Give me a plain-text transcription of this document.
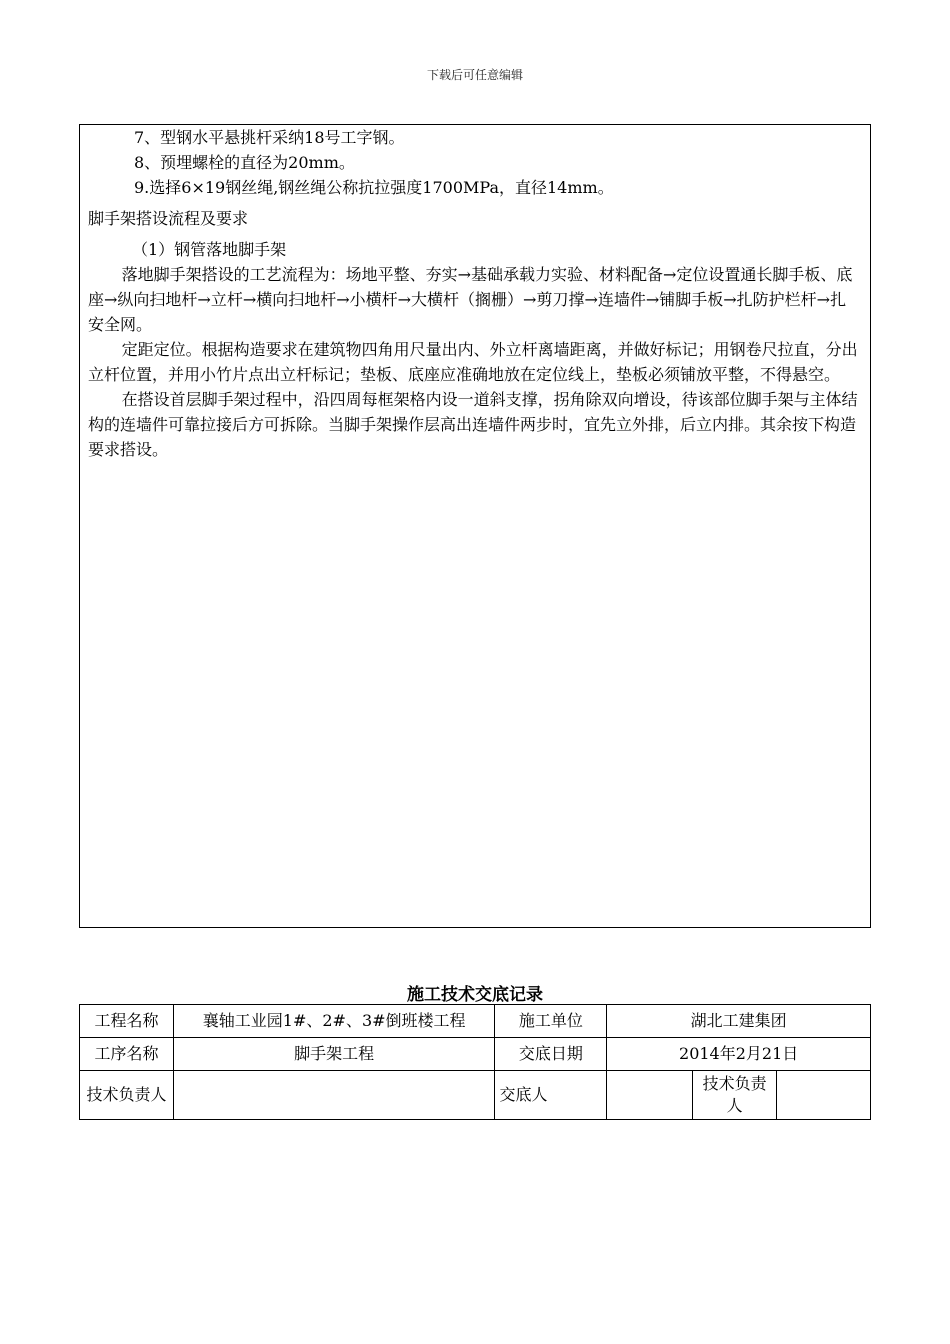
下载后可任意编辑

7、型钢水平悬挑杆采纳18号工字钢。

8、预埋螺栓的直径为20mm。

9.选择6×19钢丝绳,钢丝绳公称抗拉强度1700MPa，直径14mm。

脚手架搭设流程及要求

（1）钢管落地脚手架

落地脚手架搭设的工艺流程为：场地平整、夯实→基础承载力实验、材料配备→定位设置通长脚手板、底座→纵向扫地杆→立杆→横向扫地杆→小横杆→大横杆（搁栅）→剪刀撑→连墙件→铺脚手板→扎防护栏杆→扎安全网。

定距定位。根据构造要求在建筑物四角用尺量出内、外立杆离墙距离，并做好标记；用钢卷尺拉直，分出立杆位置，并用小竹片点出立杆标记；垫板、底座应准确地放在定位线上，垫板必须铺放平整，不得悬空。

在搭设首层脚手架过程中，沿四周每框架格内设一道斜支撑，拐角除双向增设，待该部位脚手架与主体结构的连墙件可靠拉接后方可拆除。当脚手架操作层高出连墙件两步时，宜先立外排，后立内排。其余按下构造要求搭设。

施工技术交底记录
工程名称	襄轴工业园1#、2#、3#倒班楼工程	施工单位	湖北工建集团		
工序名称	脚手架工程	交底日期	2014年2月21日		
技术负责人		交底人		技术负责人	
